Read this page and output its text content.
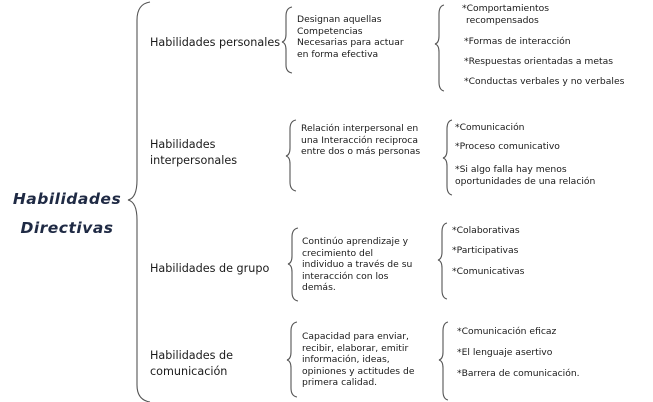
Habilidades
Directivas
Habilidades personales
Designan aquellas
Competencias
Necesarias para actuar
en forma efectiva
*Comportamientos
recompensados
*Formas de interacción
*Respuestas orientadas a metas
*Conductas verbales y no verbales
Habilidades
interpersonales
Relación interpersonal en
una Interacción reciproca
entre dos o más personas
*Comunicación
*Proceso comunicativo
*Si algo falla hay menos
oportunidades de una relación
Habilidades de grupo
Continúo aprendizaje y
crecimiento del
individuo a través de su
interacción con los
demás.
*Colaborativas
*Participativas
*Comunicativas
Habilidades de
comunicación
Capacidad para enviar,
recibir, elaborar, emitir
información, ideas,
opiniones y actitudes de
primera calidad.
*Comunicación eficaz
*El lenguaje asertivo
*Barrera de comunicación.
